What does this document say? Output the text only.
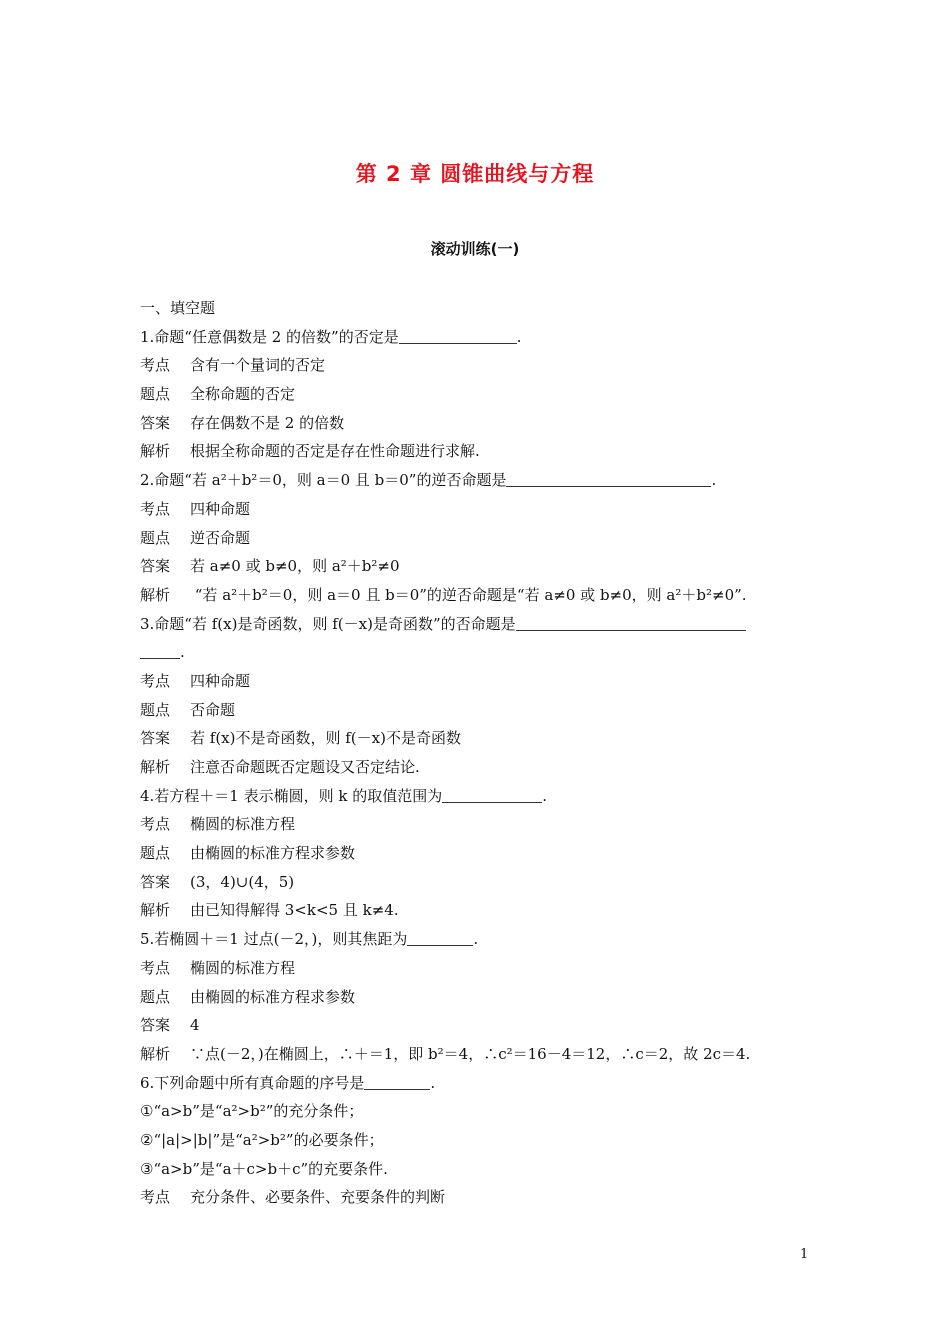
第 2 章 圆锥曲线与方程
滚动训练(一)
一、填空题
1.命题“任意偶数是 2 的倍数”的否定是	.
考点 含有一个量词的否定
题点 全称命题的否定
答案 存在偶数不是 2 的倍数
解析 根据全称命题的否定是存在性命题进行求解.
2.命题“若 a²＋b²＝0，则 a＝0 且 b＝0”的逆否命题是	.
考点 四种命题
题点 逆否命题
答案 若 a≠0 或 b≠0，则 a²＋b²≠0
解析 “若 a²＋b²＝0，则 a＝0 且 b＝0”的逆否命题是“若 a≠0 或 b≠0，则 a²＋b²≠0”.
3.命题“若 f(x)是奇函数，则 f(－x)是奇函数”的否命题是
.
考点 四种命题
题点 否命题
答案 若 f(x)不是奇函数，则 f(－x)不是奇函数
解析 注意否命题既否定题设又否定结论.
4.若方程＋＝1 表示椭圆，则 k 的取值范围为	.
考点 椭圆的标准方程
题点 由椭圆的标准方程求参数
答案 (3，4)∪(4，5)
解析 由已知得解得 3<k<5 且 k≠4.
5.若椭圆＋＝1 过点(－2，)，则其焦距为	.
考点 椭圆的标准方程
题点 由椭圆的标准方程求参数
答案 4
解析 ∵点(－2，)在椭圆上，∴＋＝1，即 b²＝4，∴c²＝16－4＝12，∴c＝2，故 2c＝4.
6.下列命题中所有真命题的序号是	.
①“a>b”是“a²>b²”的充分条件；
②“|a|>|b|”是“a²>b²”的必要条件；
③“a>b”是“a＋c>b＋c”的充要条件.
考点 充分条件、必要条件、充要条件的判断
1
